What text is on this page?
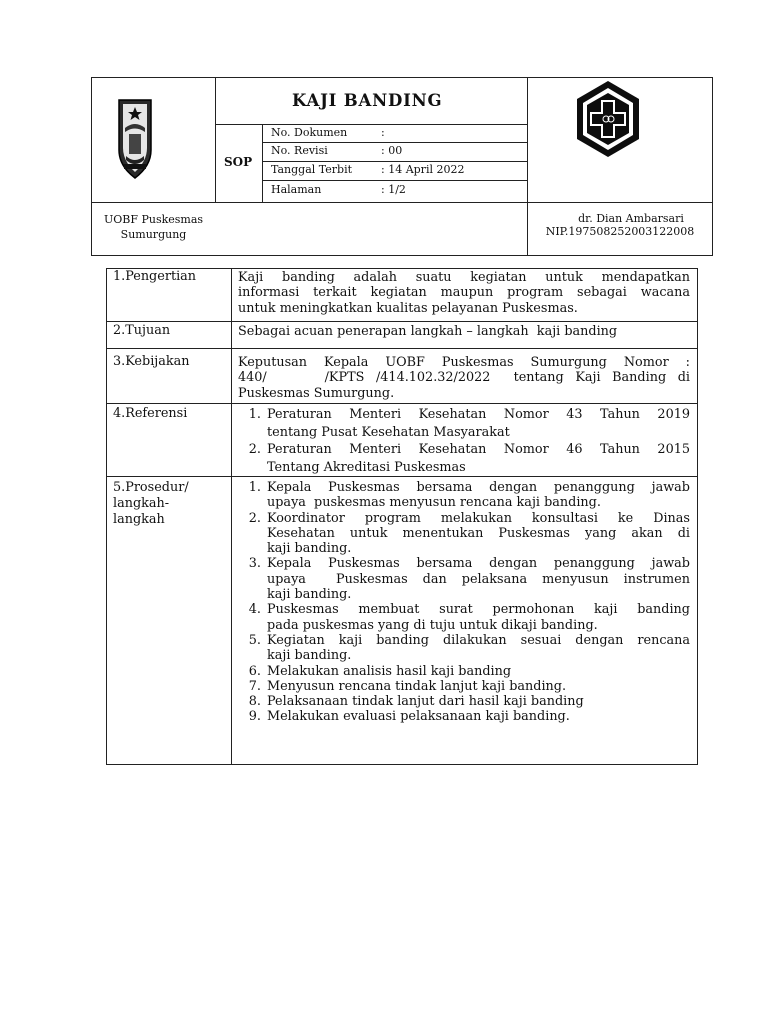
KAJI BANDING
SOP
No. Dokumen	:
No. Revisi	: 00
Tanggal Terbit	: 14 April 2022
Halaman	: 1/2
UOBF Puskesmas
Sumurgung
dr. Dian Ambarsari
NIP.197508252003122008
1.Pengertian	Kaji banding adalah suatu kegiatan untuk mendapatkan
informasi terkait kegiatan maupun program sebagai wacana
untuk meningkatkan kualitas pelayanan Puskesmas.
2.Tujuan	Sebagai acuan penerapan langkah – langkah  kaji banding
3.Kebijakan	Keputusan Kepala UOBF Puskesmas Sumurgung Nomor :
440/     /KPTS /414.102.32/2022  tentang Kaji Banding di
Puskesmas Sumurgung.
4.Referensi
1.	Peraturan Menteri Kesehatan Nomor 43 Tahun 2019
tentang Pusat Kesehatan Masyarakat
2. Peraturan Menteri Kesehatan Nomor 46 Tahun 2015
Tentang Akreditasi Puskesmas
5.Prosedur/
langkah-
langkah
1. Kepala Puskesmas bersama dengan penanggung jawab
upaya  puskesmas menyusun rencana kaji banding.
2. Koordinator program melakukan konsultasi ke Dinas
Kesehatan untuk menentukan Puskesmas yang akan di
kaji banding.
3. Kepala Puskesmas bersama dengan penanggung jawab
upaya  Puskesmas dan pelaksana menyusun instrumen
kaji banding.
4. Puskesmas membuat surat permohonan kaji banding
pada puskesmas yang di tuju untuk dikaji banding.
5. Kegiatan kaji banding dilakukan sesuai dengan rencana
kaji banding.
6. Melakukan analisis hasil kaji banding
7. Menyusun rencana tindak lanjut kaji banding.
8. Pelaksanaan tindak lanjut dari hasil kaji banding
9. Melakukan evaluasi pelaksanaan kaji banding.
